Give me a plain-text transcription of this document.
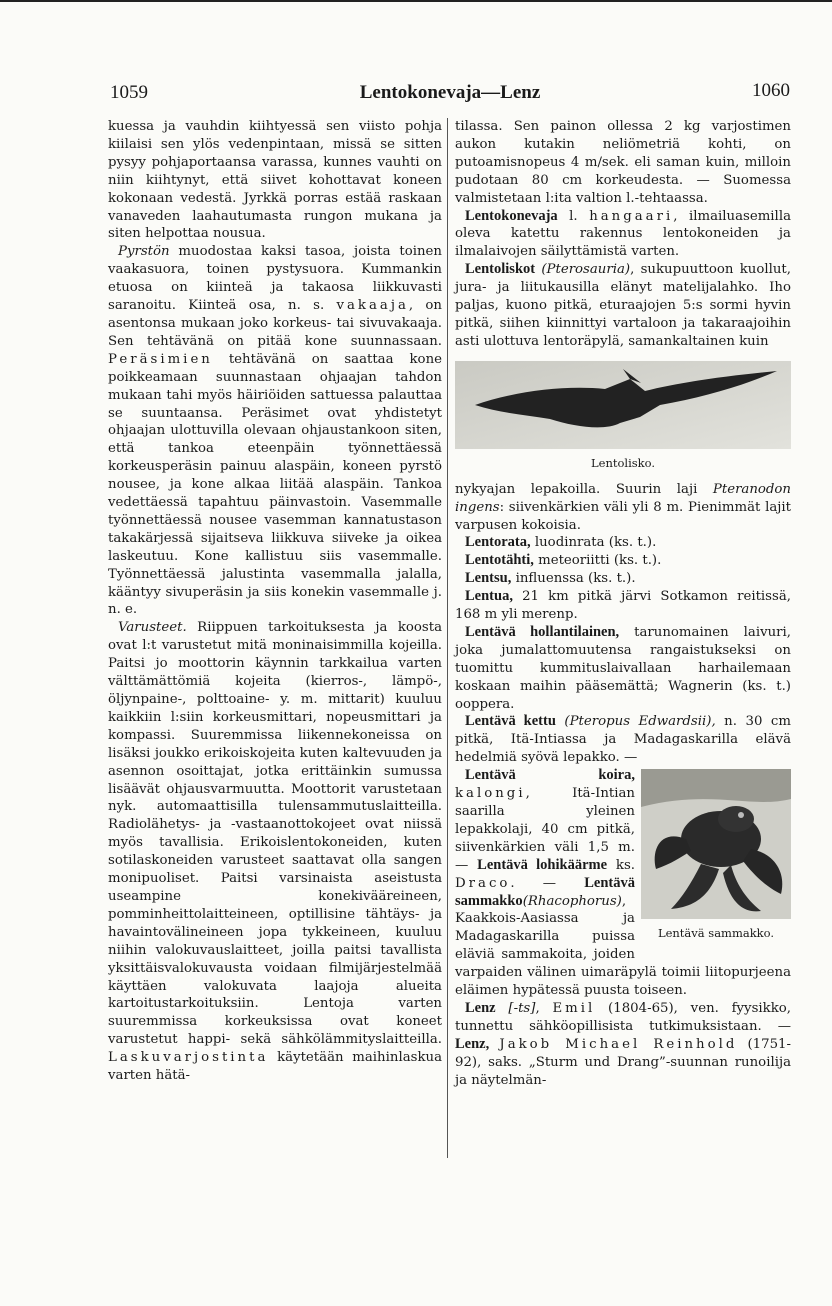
1059	Lentokonevaja—Lenz	1060

kuessa ja vauhdin kiihtyessä sen viisto pohja kiilaisi sen ylös vedenpintaan, missä se sitten pysyy pohjaportaansa varassa, kunnes vauhti on niin kiihtynyt, että siivet kohottavat koneen kokonaan vedestä. Jyrkkä porras estää raskaan vanaveden laahautumasta rungon mukana ja siten helpottaa nousua.

Pyrstön muodostaa kaksi tasoa, joista toinen vaakasuora, toinen pystysuora. Kummankin etuosa on kiinteä ja takaosa liikkuvasti saranoitu. Kiinteä osa, n. s. vakaaja, on asentonsa mukaan joko korkeus- tai sivuvakaaja. Sen tehtävänä on pitää kone suunnassaan. Peräsimien tehtävänä on saattaa kone poikkeamaan suunnastaan ohjaajan tahdon mukaan tahi myös häiriöiden sattuessa palauttaa se suuntaansa. Peräsimet ovat yhdistetyt ohjaajan ulottuvilla olevaan ohjaustankoon siten, että tankoa eteenpäin työnnettäessä korkeusperäsin painuu alaspäin, koneen pyrstö nousee, ja kone alkaa liitää alaspäin. Tankoa vedettäessä tapahtuu päinvastoin. Vasemmalle työnnettäessä nousee vasemman kannatustason takakärjessä sijaitseva liikkuva siiveke ja oikea laskeutuu. Kone kallistuu siis vasemmalle. Työnnettäessä jalustinta vasemmalla jalalla, kääntyy sivuperäsin ja siis konekin vasemmalle j. n. e.

Varusteet. Riippuen tarkoituksesta ja koosta ovat l:t varustetut mitä moninaisimmilla kojeilla. Paitsi jo moottorin käynnin tarkkailua varten välttämättömiä kojeita (kierros-, lämpö-, öljynpaine-, polttoaine- y. m. mittarit) kuuluu kaikkiin l:siin korkeusmittari, nopeusmittari ja kompassi. Suuremmissa liikennekoneissa on lisäksi joukko erikoiskojeita kuten kaltevuuden ja asennon osoittajat, jotka erittäinkin sumussa lisäävät ohjausvarmuutta. Moottorit varustetaan nyk. automaattisilla tulensammutuslaitteilla. Radiolähetys- ja -vastaanottokojeet ovat niissä myös tavallisia. Erikoislentokoneiden, kuten sotilaskoneiden varusteet saattavat olla sangen monipuoliset. Paitsi varsinaista aseistusta useampine konekivääreineen, pomminheittolaitteineen, optillisine tähtäys- ja havaintovälineineen jopa tykkeineen, kuuluu niihin valokuvauslaitteet, joilla paitsi tavallista yksittäisvalokuvausta voidaan filmijärjestelmää käyttäen valokuvata laajoja alueita kartoitustarkoituksiin. Lentoja varten suuremmissa korkeuksissa ovat koneet varustetut happi- sekä sähkölämmityslaitteilla. Laskuvarjostinta käytetään maihinlaskua varten hätä-

tilassa. Sen painon ollessa 2 kg varjostimen aukon kutakin neliömetriä kohti, on putoamisnopeus 4 m/sek. eli saman kuin, milloin pudotaan 80 cm korkeudesta. — Suomessa valmistetaan l:ita valtion l.-tehtaassa.

Lentokonevaja l. hangaari, ilmailuasemilla oleva katettu rakennus lentokoneiden ja ilmalaivojen säilyttämistä varten.

Lentoliskot (Pterosauria), sukupuuttoon kuollut, jura- ja liitukausilla elänyt matelijalahko. Iho paljas, kuono pitkä, eturaajojen 5:s sormi hyvin pitkä, siihen kiinnittyi vartaloon ja takaraajoihin asti ulottuva lentoräpylä, samankaltainen kuin

Lentolisko.

nykyajan lepakoilla. Suurin laji Pteranodon ingens: siivenkärkien väli yli 8 m. Pienimmät lajit varpusen kokoisia.

Lentorata, luodinrata (ks. t.).

Lentotähti, meteoriitti (ks. t.).

Lentsu, influenssa (ks. t.).

Lentua, 21 km pitkä järvi Sotkamon reitissä, 168 m yli merenp.

Lentävä hollantilainen, tarunomainen laivuri, joka jumalattomuutensa rangaistukseksi on tuomittu kummituslaivallaan harhailemaan koskaan maihin pääsemättä; Wagnerin (ks. t.) ooppera.

Lentävä kettu (Pteropus Edwardsii), n. 30 cm pitkä, Itä-Intiassa ja Madagaskarilla elävä hedelmiä syövä lepakko. —

Lentävä sammakko.

Lentävä koira, kalongi, Itä-Intian saarilla yleinen lepakkolaji, 40 cm pitkä, siivenkärkien väli 1,5 m. — Lentävä lohikäärme ks. Draco. — Lentävä sammakko(Rhacophorus), Kaakkois-Aasiassa ja Madagaskarilla puissa eläviä sammakoita, joiden varpaiden välinen uimaräpylä toimii liitopurjeena eläimen hypätessä puusta toiseen.

Lenz [-ts], Emil (1804-65), ven. fyysikko, tunnettu sähköopillisista tutkimuksistaan. — Lenz, Jakob Michael Reinhold (1751-92), saks. „Sturm und Drang”-suunnan runoilija ja näytelmän-
